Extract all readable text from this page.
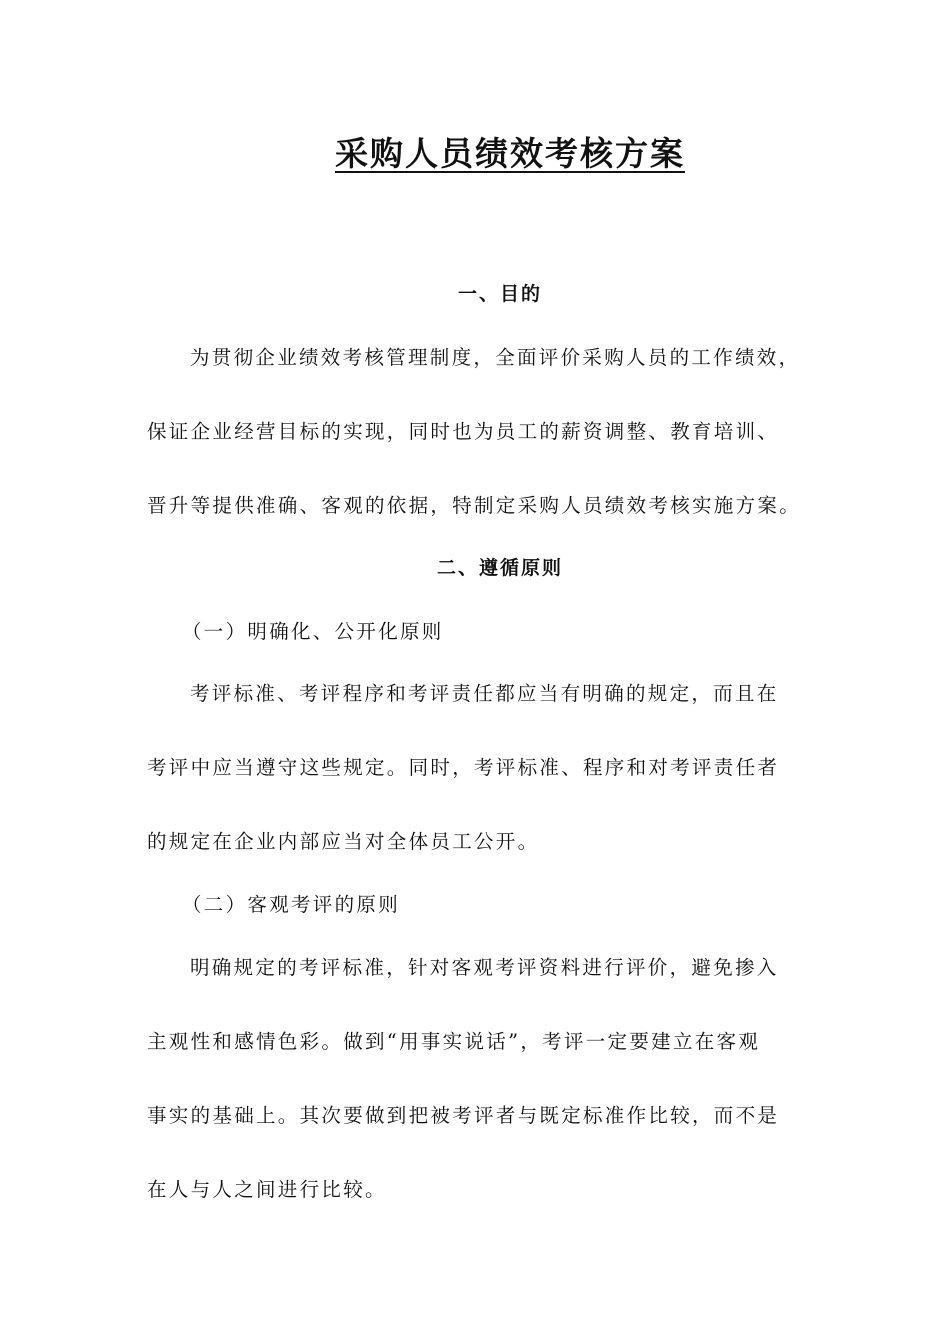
采购人员绩效考核方案
一、目的

为贯彻企业绩效考核管理制度，全面评价采购人员的工作绩效，

保证企业经营目标的实现，同时也为员工的薪资调整、教育培训、

晋升等提供准确、客观的依据，特制定采购人员绩效考核实施方案。

二、遵循原则

（一）明确化、公开化原则

考评标准、考评程序和考评责任都应当有明确的规定，而且在

考评中应当遵守这些规定。同时，考评标准、程序和对考评责任者

的规定在企业内部应当对全体员工公开。

（二）客观考评的原则

明确规定的考评标准，针对客观考评资料进行评价，避免掺入

主观性和感情色彩。做到“用事实说话”，考评一定要建立在客观

事实的基础上。其次要做到把被考评者与既定标准作比较，而不是

在人与人之间进行比较。
